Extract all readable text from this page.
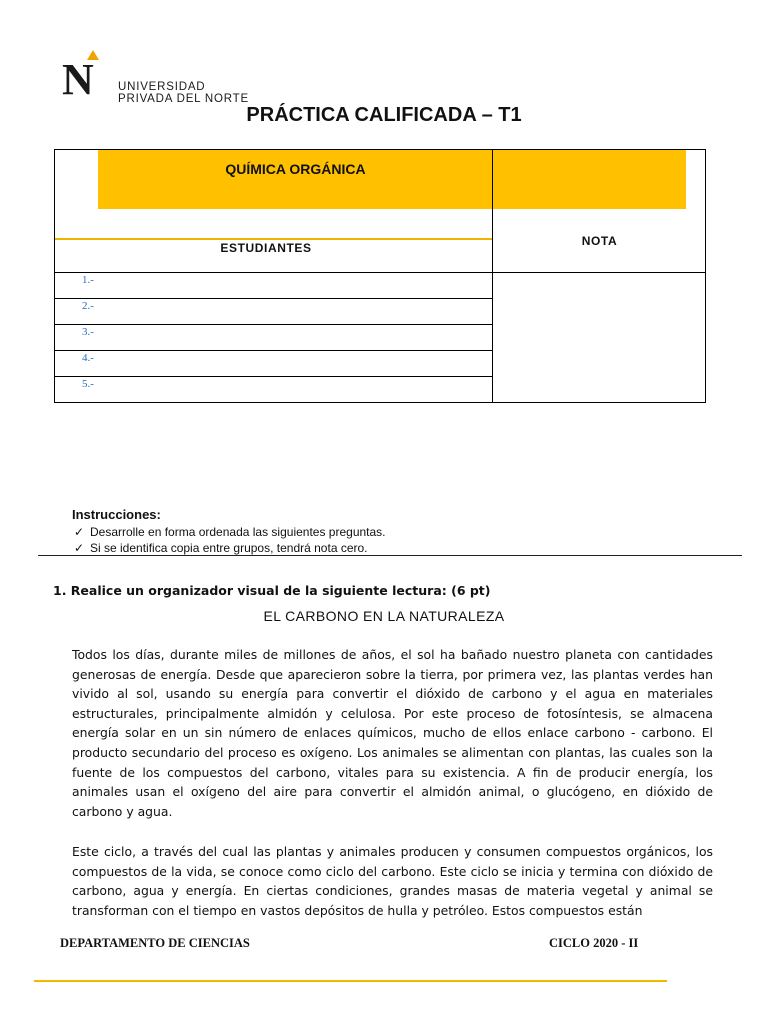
N UNIVERSIDAD
PRIVADA DEL NORTE
PRÁCTICA CALIFICADA – T1
QUÍMICA ORGÁNICA
ESTUDIANTES	NOTA
1.-
2.-
3.-
4.-
5.-
Instrucciones:
✓ Desarrolle en forma ordenada las siguientes preguntas.
✓ Si se identifica copia entre grupos, tendrá nota cero.
1. Realice un organizador visual de la siguiente lectura: (6 pt)
EL CARBONO EN LA NATURALEZA
Todos los días, durante miles de millones de años, el sol ha bañado nuestro planeta con cantidades generosas de energía. Desde que aparecieron sobre la tierra, por primera vez, las plantas verdes han vivido al sol, usando su energía para convertir el dióxido de carbono y el agua en materiales estructurales, principalmente almidón y celulosa. Por este proceso de fotosíntesis, se almacena energía solar en un sin número de enlaces químicos, mucho de ellos enlace carbono - carbono. El producto secundario del proceso es oxígeno. Los animales se alimentan con plantas, las cuales son la fuente de los compuestos del carbono, vitales para su existencia. A fin de producir energía, los animales usan el oxígeno del aire para convertir el almidón animal, o glucógeno, en dióxido de carbono y agua.
Este ciclo, a través del cual las plantas y animales producen y consumen compuestos orgánicos, los compuestos de la vida, se conoce como ciclo del carbono. Este ciclo se inicia y termina con dióxido de carbono, agua y energía. En ciertas condiciones, grandes masas de materia vegetal y animal se transforman con el tiempo en vastos depósitos de hulla y petróleo. Estos compuestos están
DEPARTAMENTO DE CIENCIAS	CICLO 2020 - II
